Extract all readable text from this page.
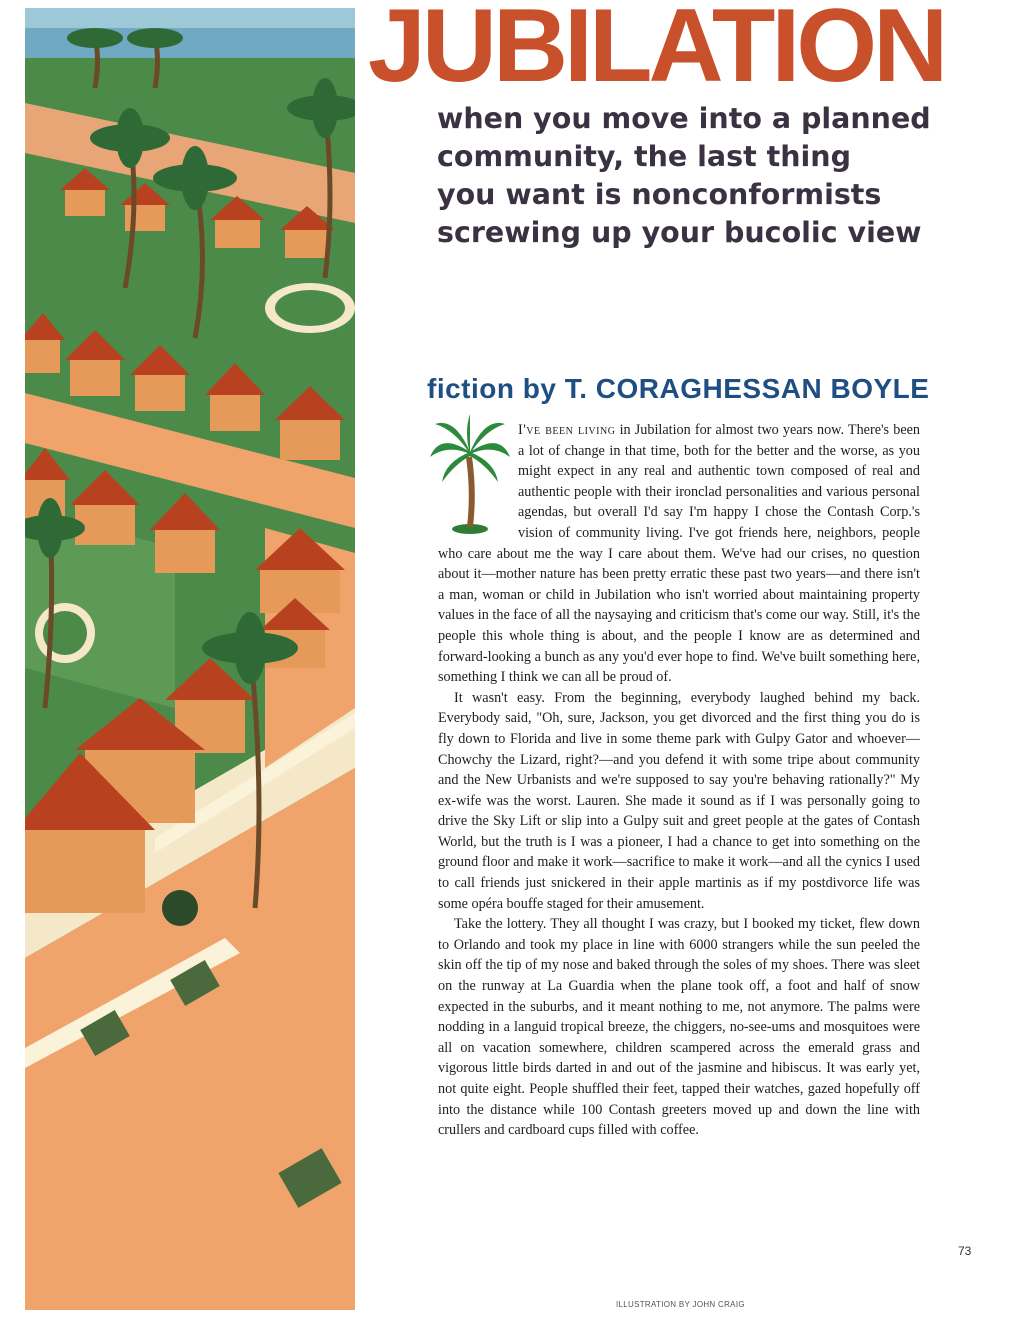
JUBILATION
when you move into a planned
community, the last thing
you want is nonconformists
screwing up your bucolic view
fiction by T. CORAGHESSAN BOYLE

I've been living in Jubilation for almost two years now. There's been a lot of change in that time, both for the better and the worse, as you might expect in any real and authentic town composed of real and authentic people with their ironclad personalities and various personal agendas, but overall I'd say I'm happy I chose the Contash Corp.'s vision of community living. I've got friends here, neighbors, people who care about me the way I care about them. We've had our crises, no question about it—mother nature has been pretty erratic these past two years—and there isn't a man, woman or child in Jubilation who isn't worried about maintaining property values in the face of all the naysaying and criticism that's come our way. Still, it's the people this whole thing is about, and the people I know are as determined and forward-looking a bunch as any you'd ever hope to find. We've built something here, something I think we can all be proud of.

It wasn't easy. From the beginning, everybody laughed behind my back. Everybody said, "Oh, sure, Jackson, you get divorced and the first thing you do is fly down to Florida and live in some theme park with Gulpy Gator and whoever—Chowchy the Lizard, right?—and you defend it with some tripe about community and the New Urbanists and we're supposed to say you're behaving rationally?" My ex-wife was the worst. Lauren. She made it sound as if I was personally going to drive the Sky Lift or slip into a Gulpy suit and greet people at the gates of Contash World, but the truth is I was a pioneer, I had a chance to get into something on the ground floor and make it work—sacrifice to make it work—and all the cynics I used to call friends just snickered in their apple martinis as if my postdivorce life was some opéra bouffe staged for their amusement.

Take the lottery. They all thought I was crazy, but I booked my ticket, flew down to Orlando and took my place in line with 6000 strangers while the sun peeled the skin off the tip of my nose and baked through the soles of my shoes. There was sleet on the runway at La Guardia when the plane took off, a foot and half of snow expected in the suburbs, and it meant nothing to me, not anymore. The palms were nodding in a languid tropical breeze, the chiggers, no-see-ums and mosquitoes were all on vacation somewhere, children scampered across the emerald grass and vigorous little birds darted in and out of the jasmine and hibiscus. It was early yet, not quite eight. People shuffled their feet, tapped their watches, gazed hopefully off into the distance while 100 Contash greeters moved up and down the line with crullers and cardboard cups filled with coffee.

73
ILLUSTRATION BY JOHN CRAIG
